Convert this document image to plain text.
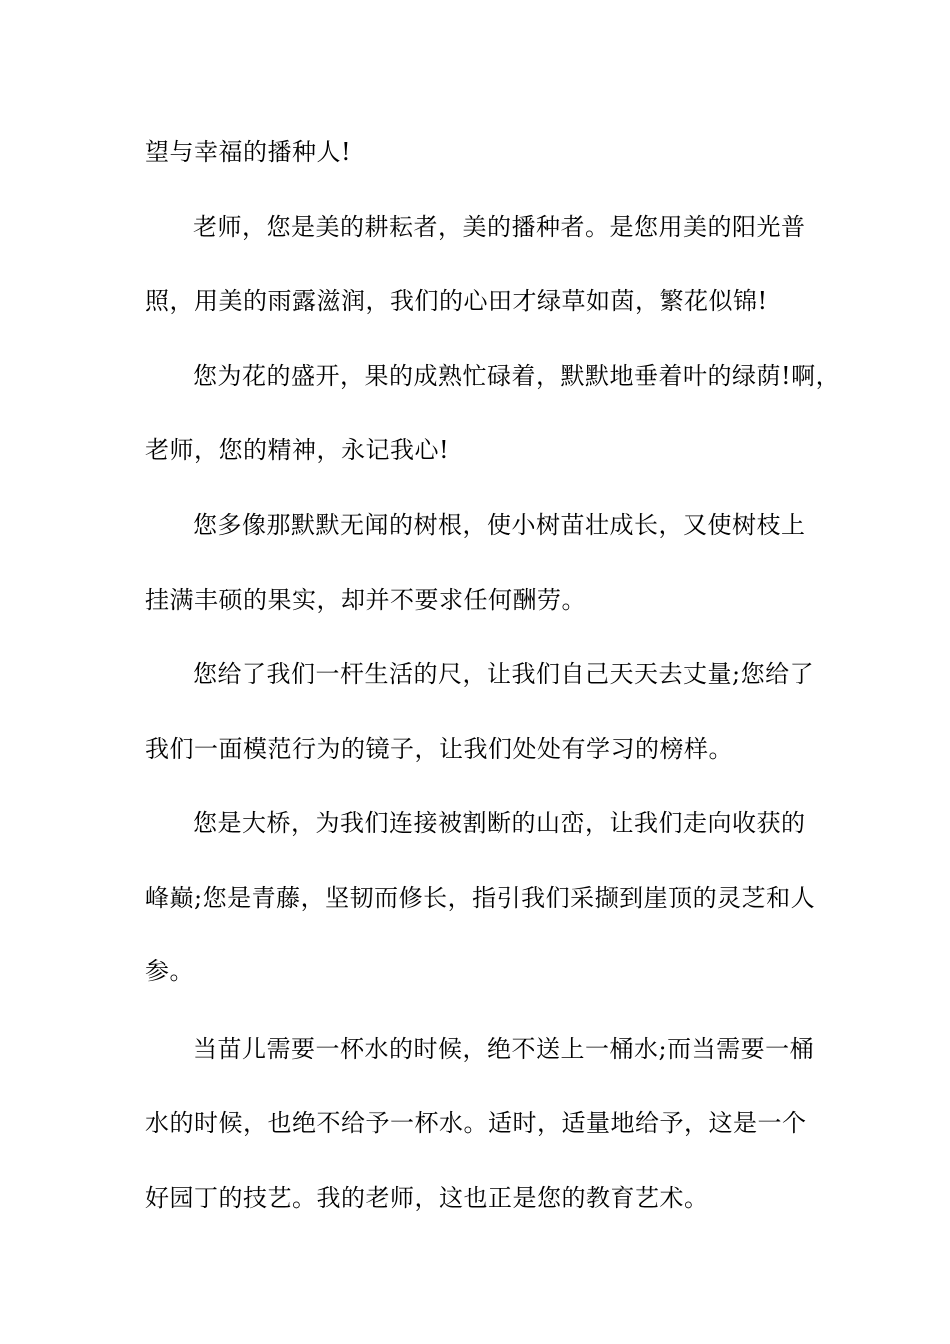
望与幸福的播种人!
老师，您是美的耕耘者，美的播种者。是您用美的阳光普
照，用美的雨露滋润，我们的心田才绿草如茵，繁花似锦!
您为花的盛开，果的成熟忙碌着，默默地垂着叶的绿荫!啊，
老师，您的精神，永记我心!
您多像那默默无闻的树根，使小树苗壮成长，又使树枝上
挂满丰硕的果实，却并不要求任何酬劳。
您给了我们一杆生活的尺，让我们自己天天去丈量;您给了
我们一面模范行为的镜子，让我们处处有学习的榜样。
您是大桥，为我们连接被割断的山峦，让我们走向收获的
峰巅;您是青藤，坚韧而修长，指引我们采撷到崖顶的灵芝和人
参。
当苗儿需要一杯水的时候，绝不送上一桶水;而当需要一桶
水的时候，也绝不给予一杯水。适时，适量地给予，这是一个
好园丁的技艺。我的老师，这也正是您的教育艺术。
